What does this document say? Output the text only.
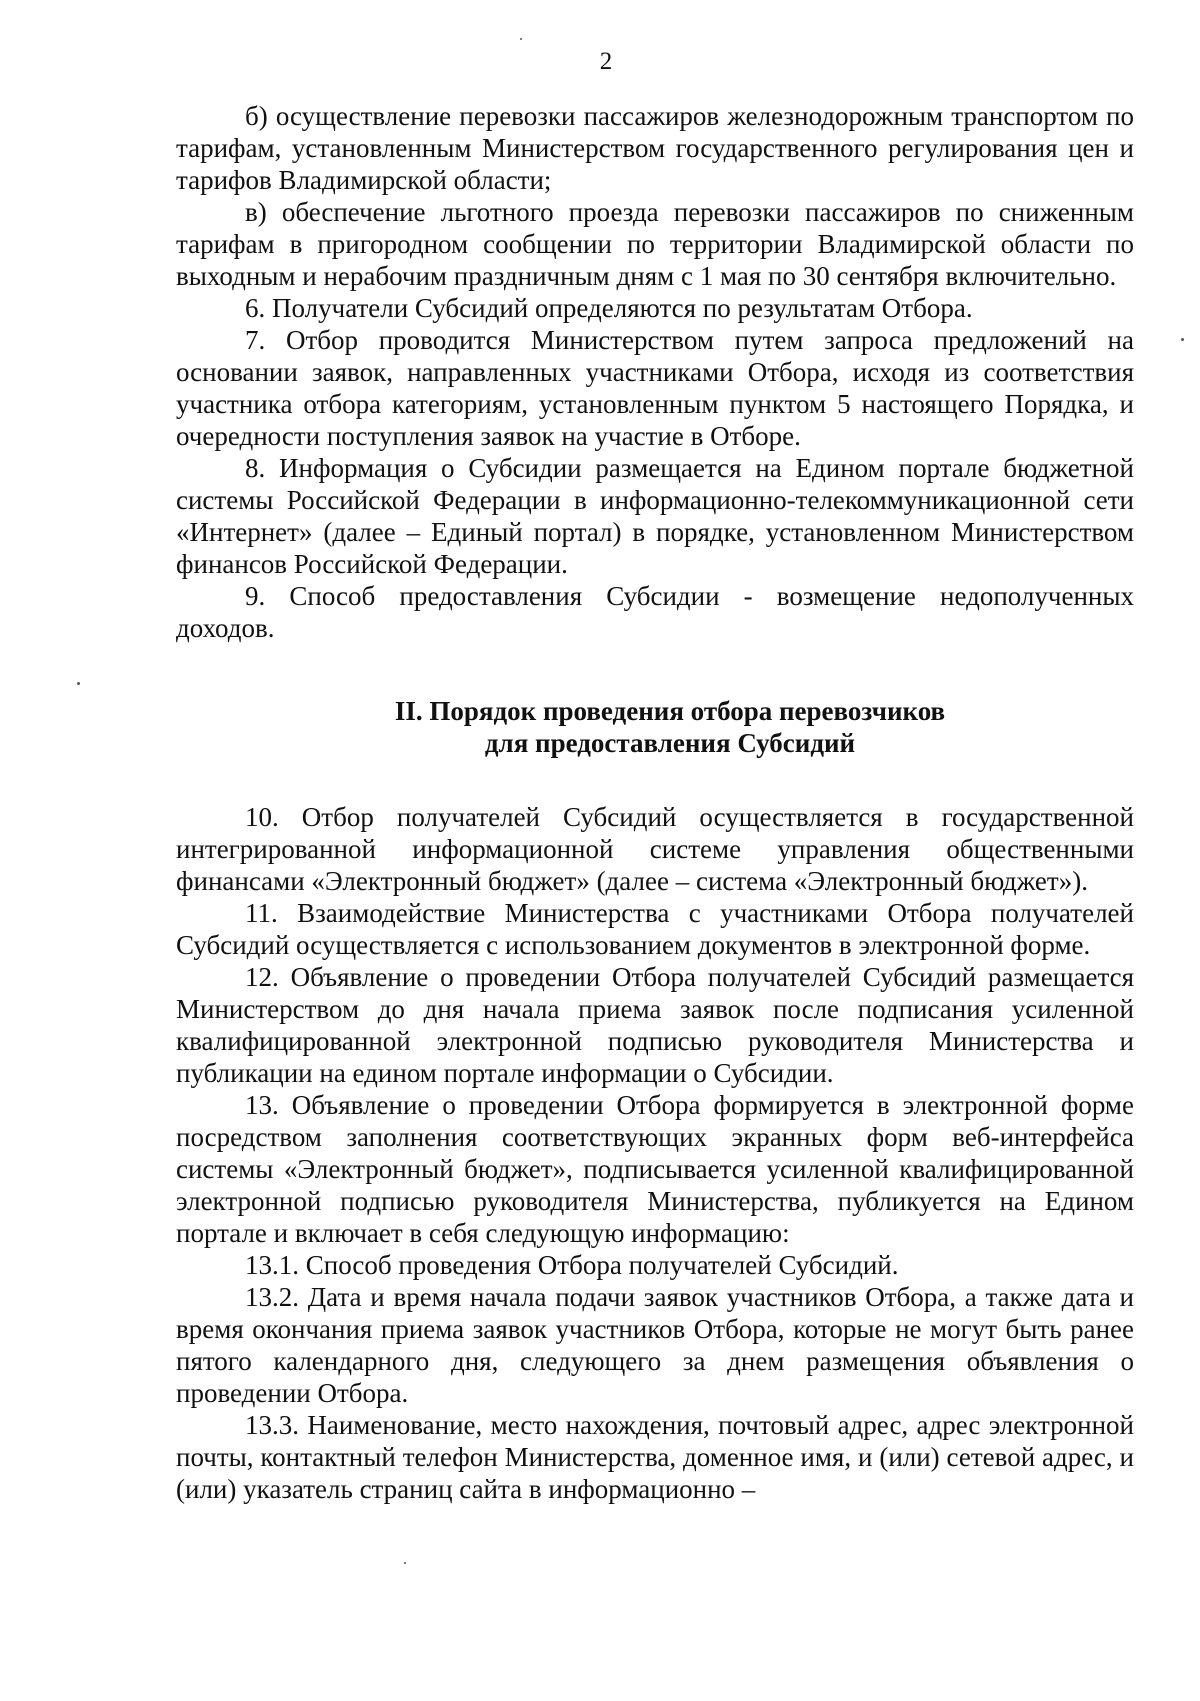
2

б) осуществление перевозки пассажиров железнодорожным транспортом по тарифам, установленным Министерством государственного регулирования цен и тарифов Владимирской области;

в) обеспечение льготного проезда перевозки пассажиров по сниженным тарифам в пригородном сообщении по территории Владимирской области по выходным и нерабочим праздничным дням с 1 мая по 30 сентября включительно.

6. Получатели Субсидий определяются по результатам Отбора.

7. Отбор проводится Министерством путем запроса предложений на основании заявок, направленных участниками Отбора, исходя из соответствия участника отбора категориям, установленным пунктом 5 настоящего Порядка, и очередности поступления заявок на участие в Отборе.

8. Информация о Субсидии размещается на Едином портале бюджетной системы Российской Федерации в информационно-телекоммуникационной сети «Интернет» (далее – Единый портал) в порядке, установленном Министерством финансов Российской Федерации.

9. Способ предоставления Субсидии - возмещение недополученных доходов.

II. Порядок проведения отбора перевозчиков
для предоставления Субсидий

10. Отбор получателей Субсидий осуществляется в государственной интегрированной информационной системе управления общественными финансами «Электронный бюджет» (далее – система «Электронный бюджет»).

11. Взаимодействие Министерства с участниками Отбора получателей Субсидий осуществляется с использованием документов в электронной форме.

12. Объявление о проведении Отбора получателей Субсидий размещается Министерством до дня начала приема заявок после подписания усиленной квалифицированной электронной подписью руководителя Министерства и публикации на едином портале информации о Субсидии.

13. Объявление о проведении Отбора формируется в электронной форме посредством заполнения соответствующих экранных форм веб-интерфейса системы «Электронный бюджет», подписывается усиленной квалифицированной электронной подписью руководителя Министерства, публикуется на Едином портале и включает в себя следующую информацию:

13.1. Способ проведения Отбора получателей Субсидий.

13.2. Дата и время начала подачи заявок участников Отбора, а также дата и время окончания приема заявок участников Отбора, которые не могут быть ранее пятого календарного дня, следующего за днем размещения объявления о проведении Отбора.

13.3. Наименование, место нахождения, почтовый адрес, адрес электронной почты, контактный телефон Министерства, доменное имя, и (или) сетевой адрес, и (или) указатель страниц сайта в информационно –
